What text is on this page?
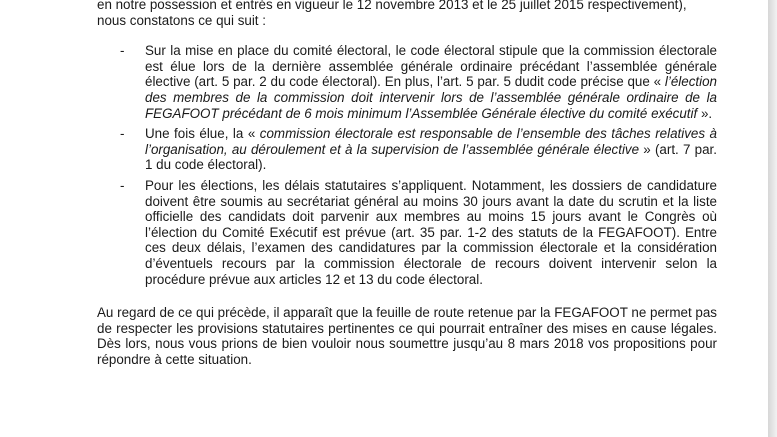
en notre possession et entrés en vigueur le 12 novembre 2013 et le 25 juillet 2015 respectivement),
nous constatons ce qui suit :

- Sur la mise en place du comité électoral, le code électoral stipule que la commission électorale est élue lors de la dernière assemblée générale ordinaire précédant l’assemblée générale élective (art. 5 par. 2 du code électoral). En plus, l’art. 5 par. 5 dudit code précise que « l’élection des membres de la commission doit intervenir lors de l’assemblée générale ordinaire de la FEGAFOOT précédant de 6 mois minimum l’Assemblée Générale élective du comité exécutif ».
- Une fois élue, la « commission électorale est responsable de l’ensemble des tâches relatives à l’organisation, au déroulement et à la supervision de l’assemblée générale élective » (art. 7 par. 1 du code électoral).
- Pour les élections, les délais statutaires s’appliquent. Notamment, les dossiers de candidature doivent être soumis au secrétariat général au moins 30 jours avant la date du scrutin et la liste officielle des candidats doit parvenir aux membres au moins 15 jours avant le Congrès où l’élection du Comité Exécutif est prévue (art. 35 par. 1-2 des statuts de la FEGAFOOT). Entre ces deux délais, l’examen des candidatures par la commission électorale et la considération d’éventuels recours par la commission électorale de recours doivent intervenir selon la procédure prévue aux articles 12 et 13 du code électoral.

Au regard de ce qui précède, il apparaît que la feuille de route retenue par la FEGAFOOT ne permet pas de respecter les provisions statutaires pertinentes ce qui pourrait entraîner des mises en cause légales. Dès lors, nous vous prions de bien vouloir nous soumettre jusqu’au 8 mars 2018 vos propositions pour répondre à cette situation.
